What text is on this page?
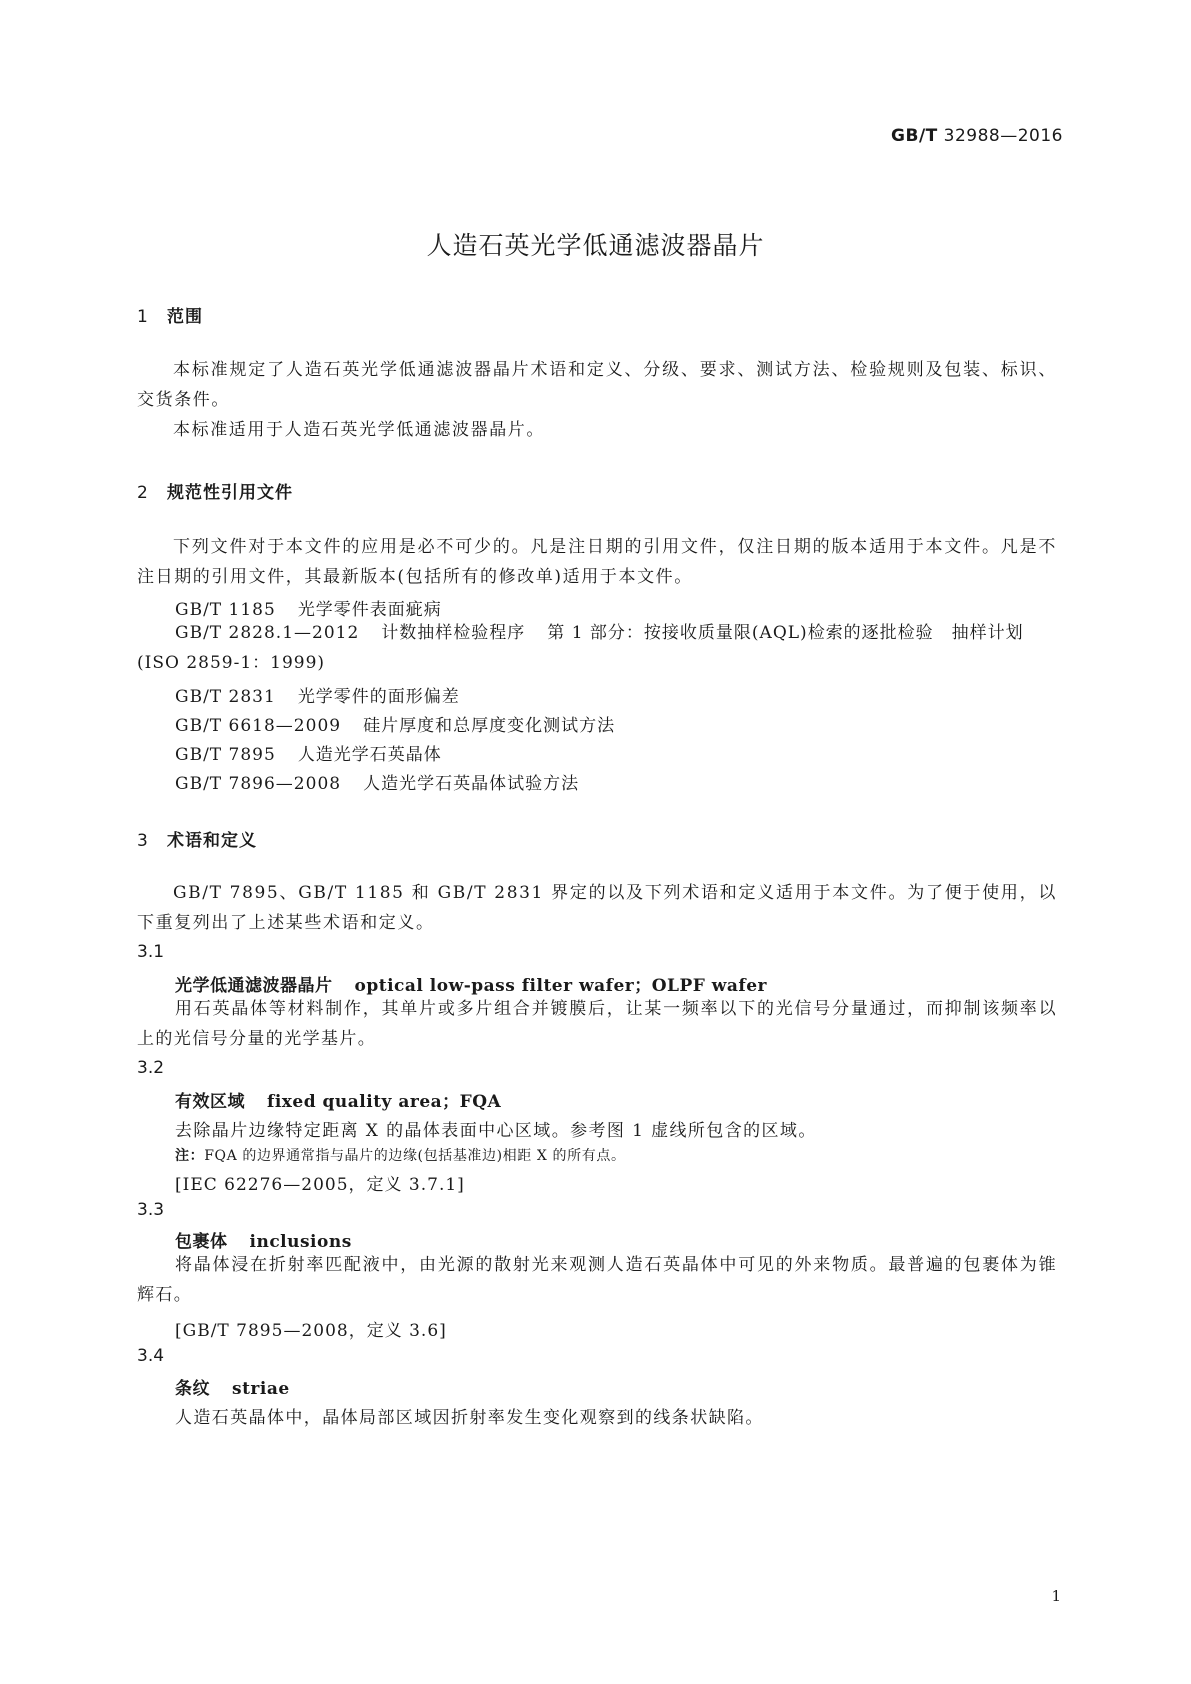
GB/T 32988—2016
人造石英光学低通滤波器晶片
1 范围
本标准规定了人造石英光学低通滤波器晶片术语和定义、分级、要求、测试方法、检验规则及包装、标识、交货条件。
本标准适用于人造石英光学低通滤波器晶片。
2 规范性引用文件
下列文件对于本文件的应用是必不可少的。凡是注日期的引用文件，仅注日期的版本适用于本文件。凡是不注日期的引用文件，其最新版本(包括所有的修改单)适用于本文件。
GB/T 1185 光学零件表面疵病
GB/T 2828.1—2012 计数抽样检验程序 第 1 部分：按接收质量限(AQL)检索的逐批检验　抽样计划(ISO 2859-1：1999)
GB/T 2831 光学零件的面形偏差
GB/T 6618—2009 硅片厚度和总厚度变化测试方法
GB/T 7895 人造光学石英晶体
GB/T 7896—2008 人造光学石英晶体试验方法
3 术语和定义
GB/T 7895、GB/T 1185 和 GB/T 2831 界定的以及下列术语和定义适用于本文件。为了便于使用，以下重复列出了上述某些术语和定义。
3.1
光学低通滤波器晶片 optical low-pass filter wafer；OLPF wafer
用石英晶体等材料制作，其单片或多片组合并镀膜后，让某一频率以下的光信号分量通过，而抑制该频率以上的光信号分量的光学基片。
3.2
有效区域 fixed quality area；FQA
去除晶片边缘特定距离 X 的晶体表面中心区域。参考图 1 虚线所包含的区域。
注：FQA 的边界通常指与晶片的边缘(包括基准边)相距 X 的所有点。
[IEC 62276—2005，定义 3.7.1]
3.3
包裹体 inclusions
将晶体浸在折射率匹配液中，由光源的散射光来观测人造石英晶体中可见的外来物质。最普遍的包裹体为锥辉石。
[GB/T 7895—2008，定义 3.6]
3.4
条纹 striae
人造石英晶体中，晶体局部区域因折射率发生变化观察到的线条状缺陷。
1
